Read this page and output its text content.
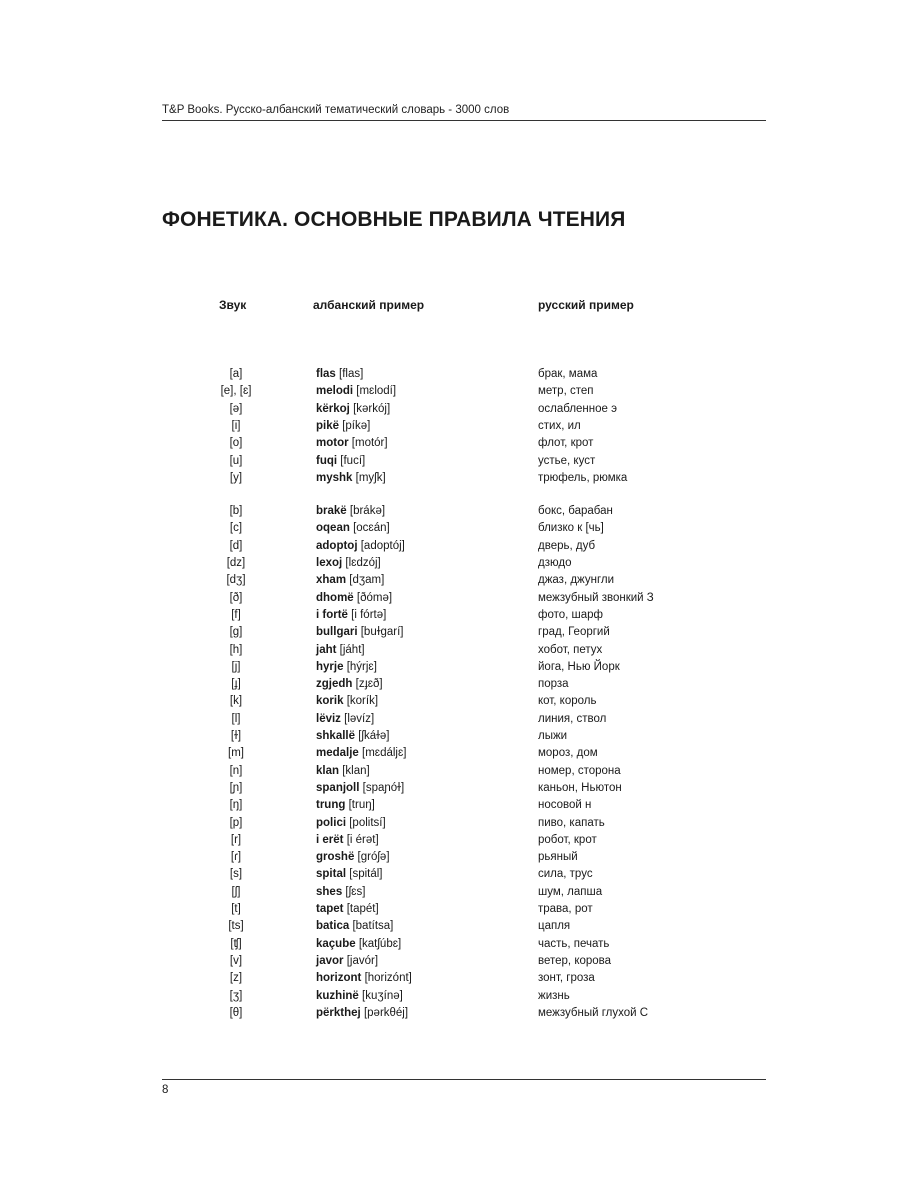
T&P Books. Русско-албанский тематический словарь - 3000 слов
ФОНЕТИКА. ОСНОВНЫЕ ПРАВИЛА ЧТЕНИЯ
Звук	албанский пример	русский пример
[a]	flas [flas]	брак, мама
[e], [ɛ]	melodi [mɛlodí]	метр, степ
[ə]	kërkoj [kərkój]	ослабленное э
[i]	pikë [píkə]	стих, ил
[o]	motor [motór]	флот, крот
[u]	fuqi [fucí]	устье, куст
[y]	myshk [myʃk]	трюфель, рюмка
[b]	brakë [brákə]	бокс, барабан
[c]	oqean [ocɛán]	близко к [чь]
[d]	adoptoj [adoptój]	дверь, дуб
[dz]	lexoj [lɛdzój]	дзюдо
[dʒ]	xham [dʒam]	джаз, джунгли
[ð]	dhomë [ðómə]	межзубный звонкий З
[f]	i fortë [i fórtə]	фото, шарф
[g]	bullgari [buɫgarí]	град, Георгий
[h]	jaht [jáht]	хобот, петух
[j]	hyrje [hýrjɛ]	йога, Нью Йорк
[ɟ]	zgjedh [zɟɛð]	порза
[k]	korik [korík]	кот, король
[l]	lëviz [ləvíz]	линия, ствол
[ɫ]	shkallë [ʃkáɫə]	лыжи
[m]	medalje [mɛdáljɛ]	мороз, дом
[n]	klan [klan]	номер, сторона
[ɲ]	spanjoll [spaɲóɫ]	каньон, Ньютон
[ŋ]	trung [truŋ]	носовой н
[p]	polici [politsí]	пиво, капать
[r]	i erët [i érət]	робот, крот
[ɾ]	groshë [gróʃə]	рьяный
[s]	spital [spitál]	сила, трус
[ʃ]	shes [ʃɛs]	шум, лапша
[t]	tapet [tapét]	трава, рот
[ts]	batica [batítsa]	цапля
[ʧ]	kaçube [katʃúbɛ]	часть, печать
[v]	javor [javór]	ветер, корова
[z]	horizont [horizónt]	зонт, гроза
[ʒ]	kuzhinë [kuʒínə]	жизнь
[θ]	përkthej [pərkθéj]	межзубный глухой С
8
